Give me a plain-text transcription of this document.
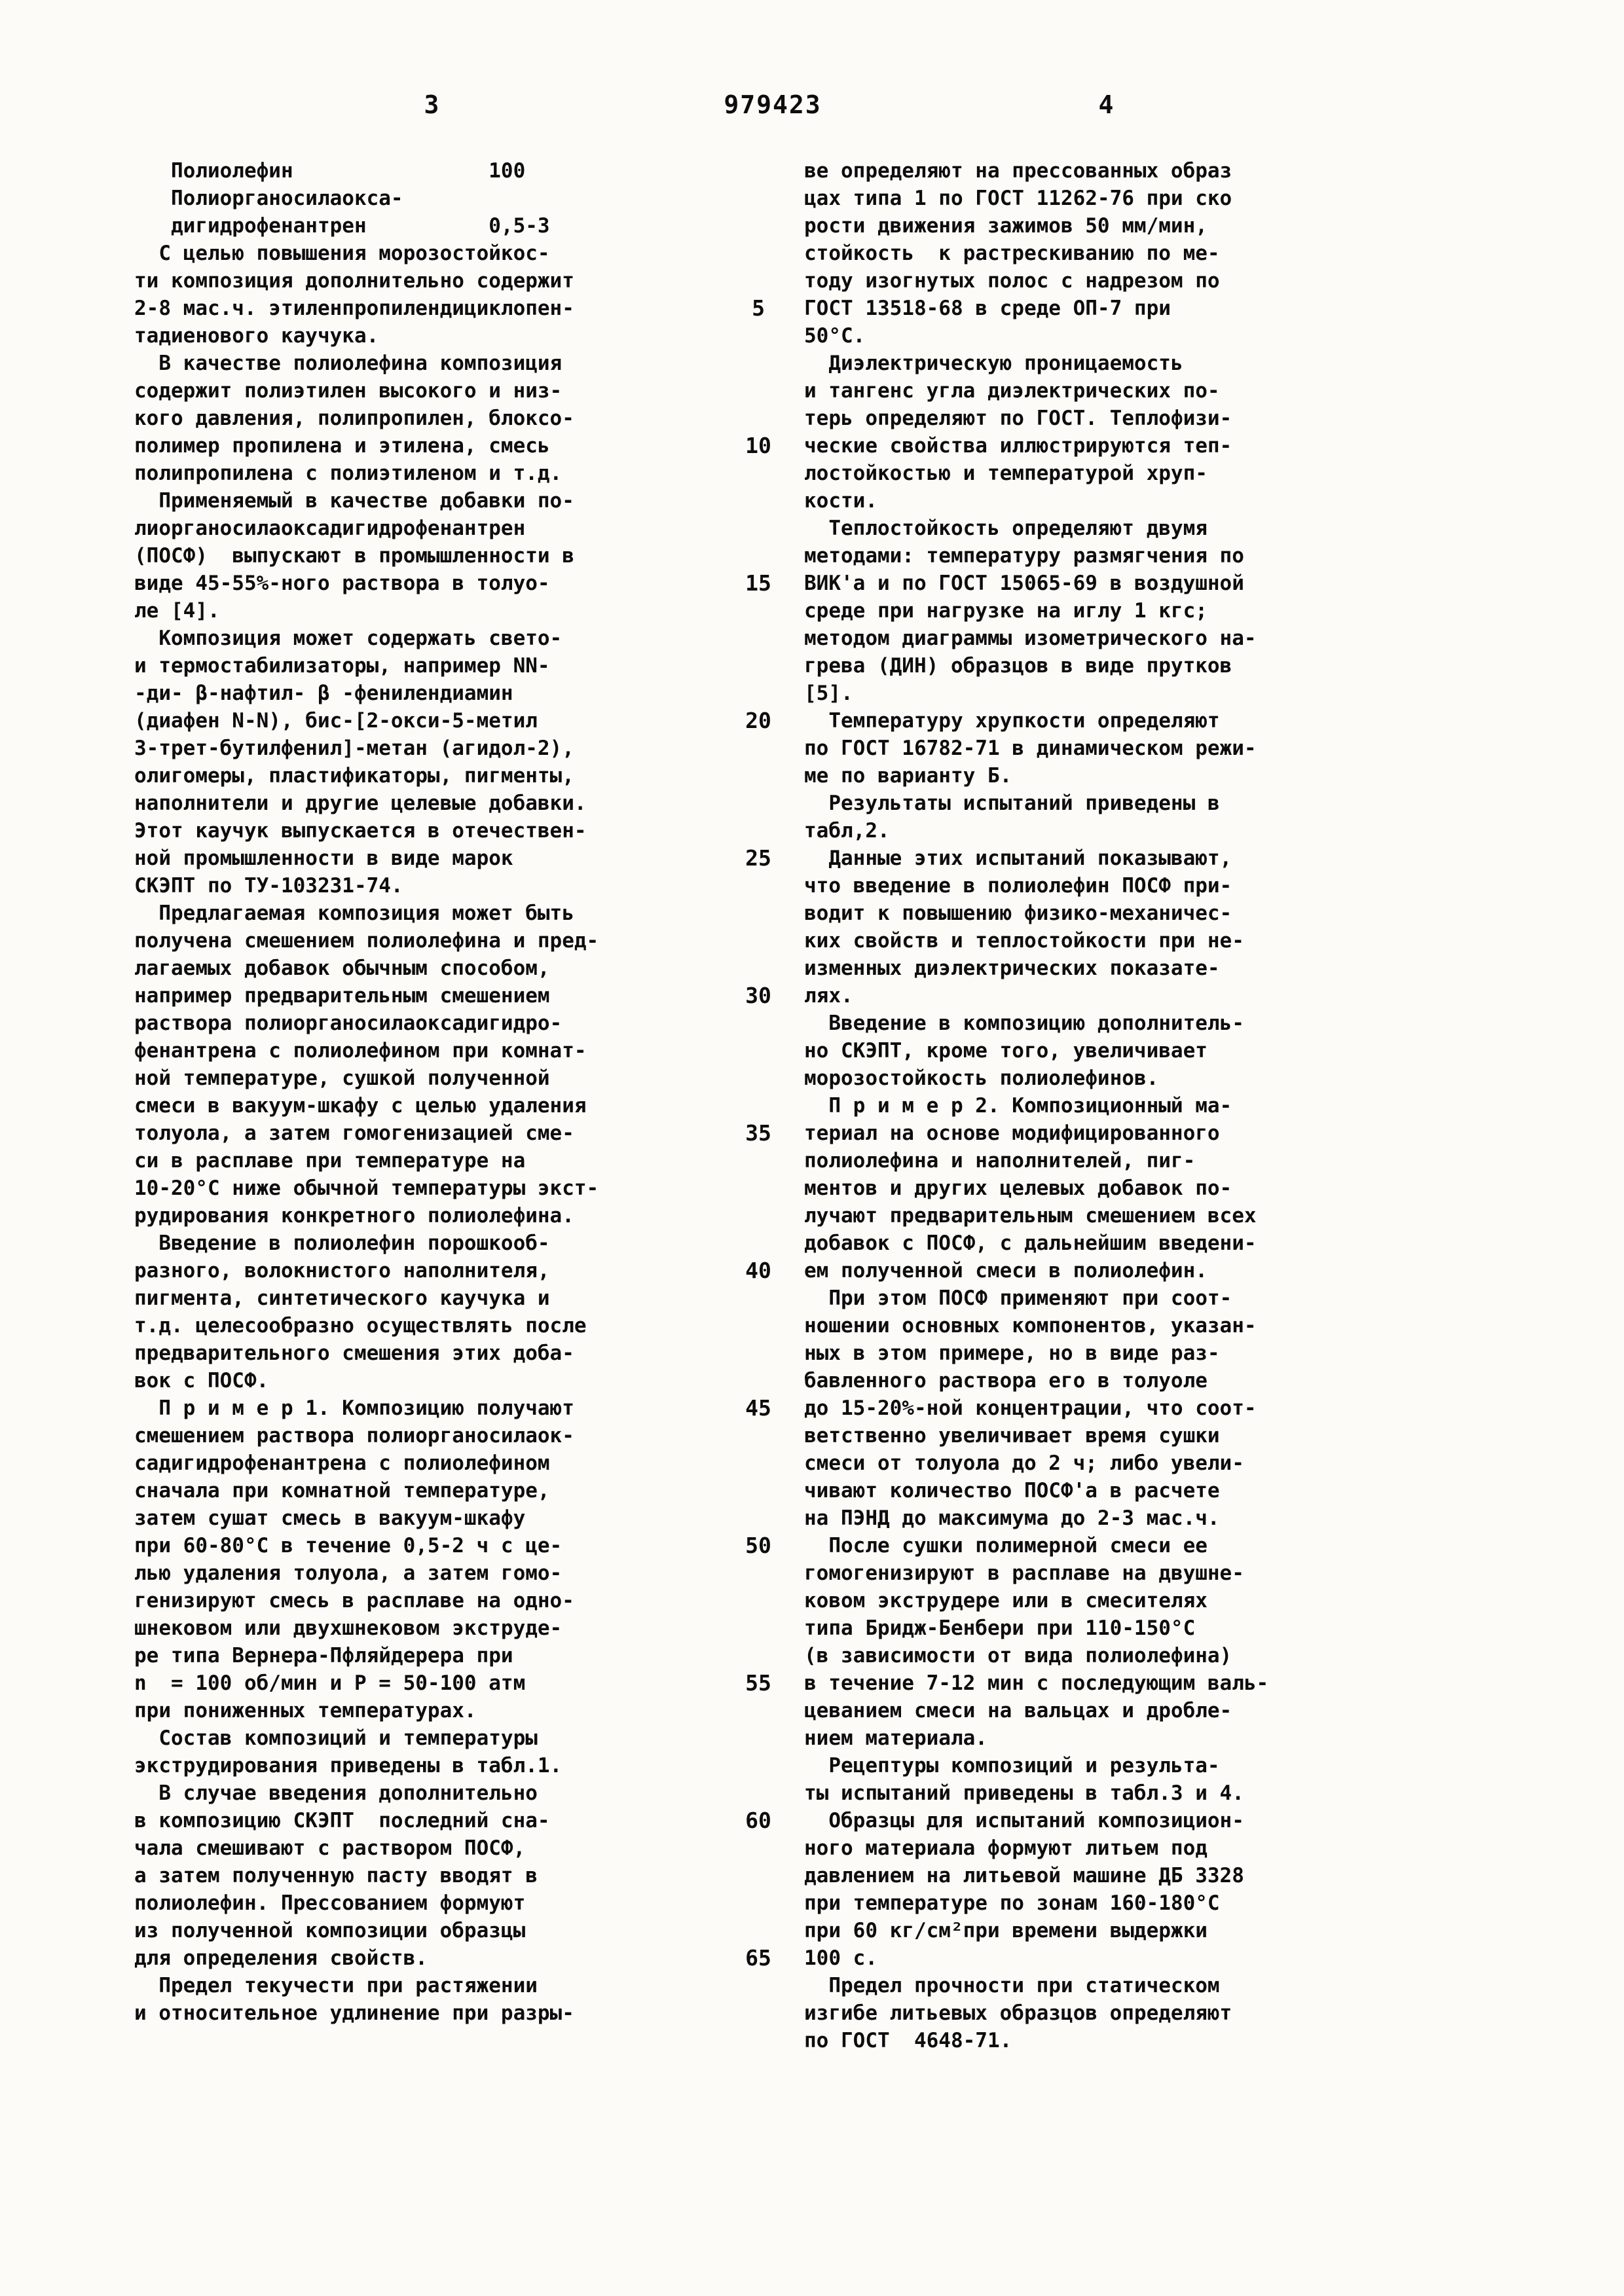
3	979423	4
Полиолефин                100
Полиорганосилаокса-
дигидрофенантрен          0,5-3
С целью повышения морозостойкос-
ти композиция дополнительно содержит
2-8 мас.ч. этиленпропилендициклопен-
тадиенового каучука.
В качестве полиолефина композиция
содержит полиэтилен высокого и низ-
кого давления, полипропилен, блоксо-
полимер пропилена и этилена, смесь
полипропилена с полиэтиленом и т.д.
Применяемый в качестве добавки по-
лиорганосилаоксадигидрофенантрен
(ПОСФ)  выпускают в промышленности в
виде 45-55%-ного раствора в толуо-
ле [4].
Композиция может содержать свето-
и термостабилизаторы, например NN-
-ди- β-нафтил- β -фенилендиамин
(диафен N-N), бис-[2-окси-5-метил
3-трет-бутилфенил]-метан (агидол-2),
олигомеры, пластификаторы, пигменты,
наполнители и другие целевые добавки.
Этот каучук выпускается в отечествен-
ной промышленности в виде марок
СКЭПТ по ТУ-103231-74.
Предлагаемая композиция может быть
получена смешением полиолефина и пред-
лагаемых добавок обычным способом,
например предварительным смешением
раствора полиорганосилаоксадигидро-
фенантрена с полиолефином при комнат-
ной температуре, сушкой полученной
смеси в вакуум-шкафу с целью удаления
толуола, а затем гомогенизацией сме-
си в расплаве при температуре на
10-20°С ниже обычной температуры экст-
рудирования конкретного полиолефина.
Введение в полиолефин порошкооб-
разного, волокнистого наполнителя,
пигмента, синтетического каучука и
т.д. целесообразно осуществлять после
предварительного смешения этих доба-
вок с ПОСФ.
П р и м е р 1. Композицию получают
смешением раствора полиорганосилаок-
садигидрофенантрена с полиолефином
сначала при комнатной температуре,
затем сушат смесь в вакуум-шкафу
при 60-80°С в течение 0,5-2 ч с це-
лью удаления толуола, а затем гомо-
генизируют смесь в расплаве на одно-
шнековом или двухшнековом экструде-
ре типа Вернера-Пфляйдерера при
n  = 100 об/мин и Р = 50-100 атм
при пониженных температурах.
Состав композиций и температуры
экструдирования приведены в табл.1.
В случае введения дополнительно
в композицию СКЭПТ  последний сна-
чала смешивают с раствором ПОСФ,
а затем полученную пасту вводят в
полиолефин. Прессованием формуют
из полученной композиции образцы
для определения свойств.
Предел текучести при растяжении
и относительное удлинение при разры-
5
10
15
20
25
30
35
40
45
50
55
60
65
ве определяют на прессованных образ
цах типа 1 по ГОСТ 11262-76 при ско
рости движения зажимов 50 мм/мин,
стойкость  к растрескиванию по ме-
тоду изогнутых полос с надрезом по
ГОСТ 13518-68 в среде ОП-7 при
50°С.
Диэлектрическую проницаемость
и тангенс угла диэлектрических по-
терь определяют по ГОСТ. Теплофизи-
ческие свойства иллюстрируются теп-
лостойкостью и температурой хруп-
кости.
Теплостойкость определяют двумя
методами: температуру размягчения по
ВИК'а и по ГОСТ 15065-69 в воздушной
среде при нагрузке на иглу 1 кгс;
методом диаграммы изометрического на-
грева (ДИН) образцов в виде прутков
[5].
Температуру хрупкости определяют
по ГОСТ 16782-71 в динамическом режи-
ме по варианту Б.
Результаты испытаний приведены в
табл,2.
Данные этих испытаний показывают,
что введение в полиолефин ПОСФ при-
водит к повышению физико-механичес-
ких свойств и теплостойкости при не-
изменных диэлектрических показате-
лях.
Введение в композицию дополнитель-
но СКЭПТ, кроме того, увеличивает
морозостойкость полиолефинов.
П р и м е р 2. Композиционный ма-
териал на основе модифицированного
полиолефина и наполнителей, пиг-
ментов и других целевых добавок по-
лучают предварительным смешением всех
добавок с ПОСФ, с дальнейшим введени-
ем полученной смеси в полиолефин.
При этом ПОСФ применяют при соот-
ношении основных компонентов, указан-
ных в этом примере, но в виде раз-
бавленного раствора его в толуоле
до 15-20%-ной концентрации, что соот-
ветственно увеличивает время сушки
смеси от толуола до 2 ч; либо увели-
чивают количество ПОСФ'а в расчете
на ПЭНД до максимума до 2-3 мас.ч.
После сушки полимерной смеси ее
гомогенизируют в расплаве на двушне-
ковом экструдере или в смесителях
типа Бридж-Бенбери при 110-150°С
(в зависимости от вида полиолефина)
в течение 7-12 мин с последующим валь-
цеванием смеси на вальцах и дробле-
нием материала.
Рецептуры композиций и результа-
ты испытаний приведены в табл.3 и 4.
Образцы для испытаний композицион-
ного материала формуют литьем под
давлением на литьевой машине ДБ 3328
при температуре по зонам 160-180°С
при 60 кг/см²при времени выдержки
100 с.
Предел прочности при статическом
изгибе литьевых образцов определяют
по ГОСТ  4648-71.
